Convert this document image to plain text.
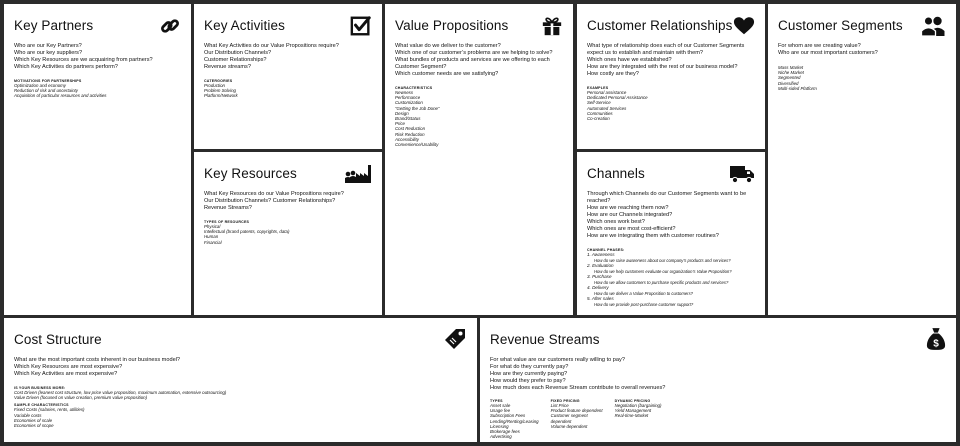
Key Partners

Who are our Key Partners?

Who are our key suppliers?

Which Key Resources are we acquairing from partners?

Which Key Activities do partners perform?

MOTIVATIONS FOR PARTNERSHIPS

Optimization and economy

Reduction of risk and uncertainty

Acquisition of particular resources and activities

Key Activities

What Key Activities do our Value Propositions require?

Our Distribution Channels?

Customer Relationships?

Revenue streams?

CATERGORIES

Production

Problem Solving

Platform/Network

Key Resources

What Key Resources do our Value Propositions require?

Our Distribution Channels? Customer Relationships?

Revenue Streams?

TYPES OF RESOURCES

Physical

Intellectual (brand patents, copyrights, data)

Human

Financial

Value Propositions

What value do we deliver to the customer?

Which one of our customer’s problems are we helping to solve?

What bundles of products and services are we offering to each Customer Segment?

Which customer needs are we satisfying?

CHARACTERISTICS

Newness

Performance

Customization

“Getting the Job Done”

Design

Brand/Status

Price

Cost Reduction

Risk Reduction

Accessibility

Convenience/Usability

Customer Relationships

What type of relationship does each of our Customer Segments expect us to establish and maintain with them?

Which ones have we established?

How are they integrated with the rest of our business model?

How costly are they?

EXAMPLES

Personal assistance

Dedicated Personal Assistance

Self-Service

Automated Services

Communities

Co-creation

Channels

Through which Channels do our Customer Segments want to be reached?

How are we reaching them now?

How are our Channels integrated?

Which ones work best?

Which ones are most cost-efficient?

How are we integrating them with customer routines?

CHANNEL PHASES:

1. Awareness

How do we raise awareness about our company’s products and services?

2. Evaluation

How do we help customers evaluate our organization’s Value Proposition?

3. Purchase

How do we allow customers to purchase specific products and services?

4. Delivery

How do we deliver a Value Proposition to customers?

5. After sales

How do we provide post-purchase customer support?

Customer Segments

For whom are we creating value?

Who are our most important customers?

Mass Market

Niche Market

Segmented

Diversified

Multi-sided Platform

Cost Structure

What are the most important costs inherent in our business model?

Which Key Resources are most expensive?

Which Key Activities are most expensive?

IS YOUR BUSINESS MORE:

Cost Driven (leanest cost structure, low price value proposition, maximum automation, extensive outsourcing)

Value Driven (focused on value creation, premium value proposition)

SAMPLE CHARACTERISTICS

Fixed Costs (salaries, rents, utilities)

Variable costs

Economies of scale

Economies of scope

Revenue Streams	$

For what value are our customers really willing to pay?

For what do they currently pay?

How are they currently paying?

How would they prefer to pay?

How much does each Revenue Stream contribute to overall revenues?

TYPES

Asset sale

Usage fee

Subscription Fees

Lending/Renting/Leasing

Licensing

Brokerage fees

Advertising

FIXED PRICING

List Price

Product feature dependent

Customer segment

dependent

Volume dependent

DYNAMIC PRICING

Negotiation (bargaining)

Yield Management

Real-time-Market
